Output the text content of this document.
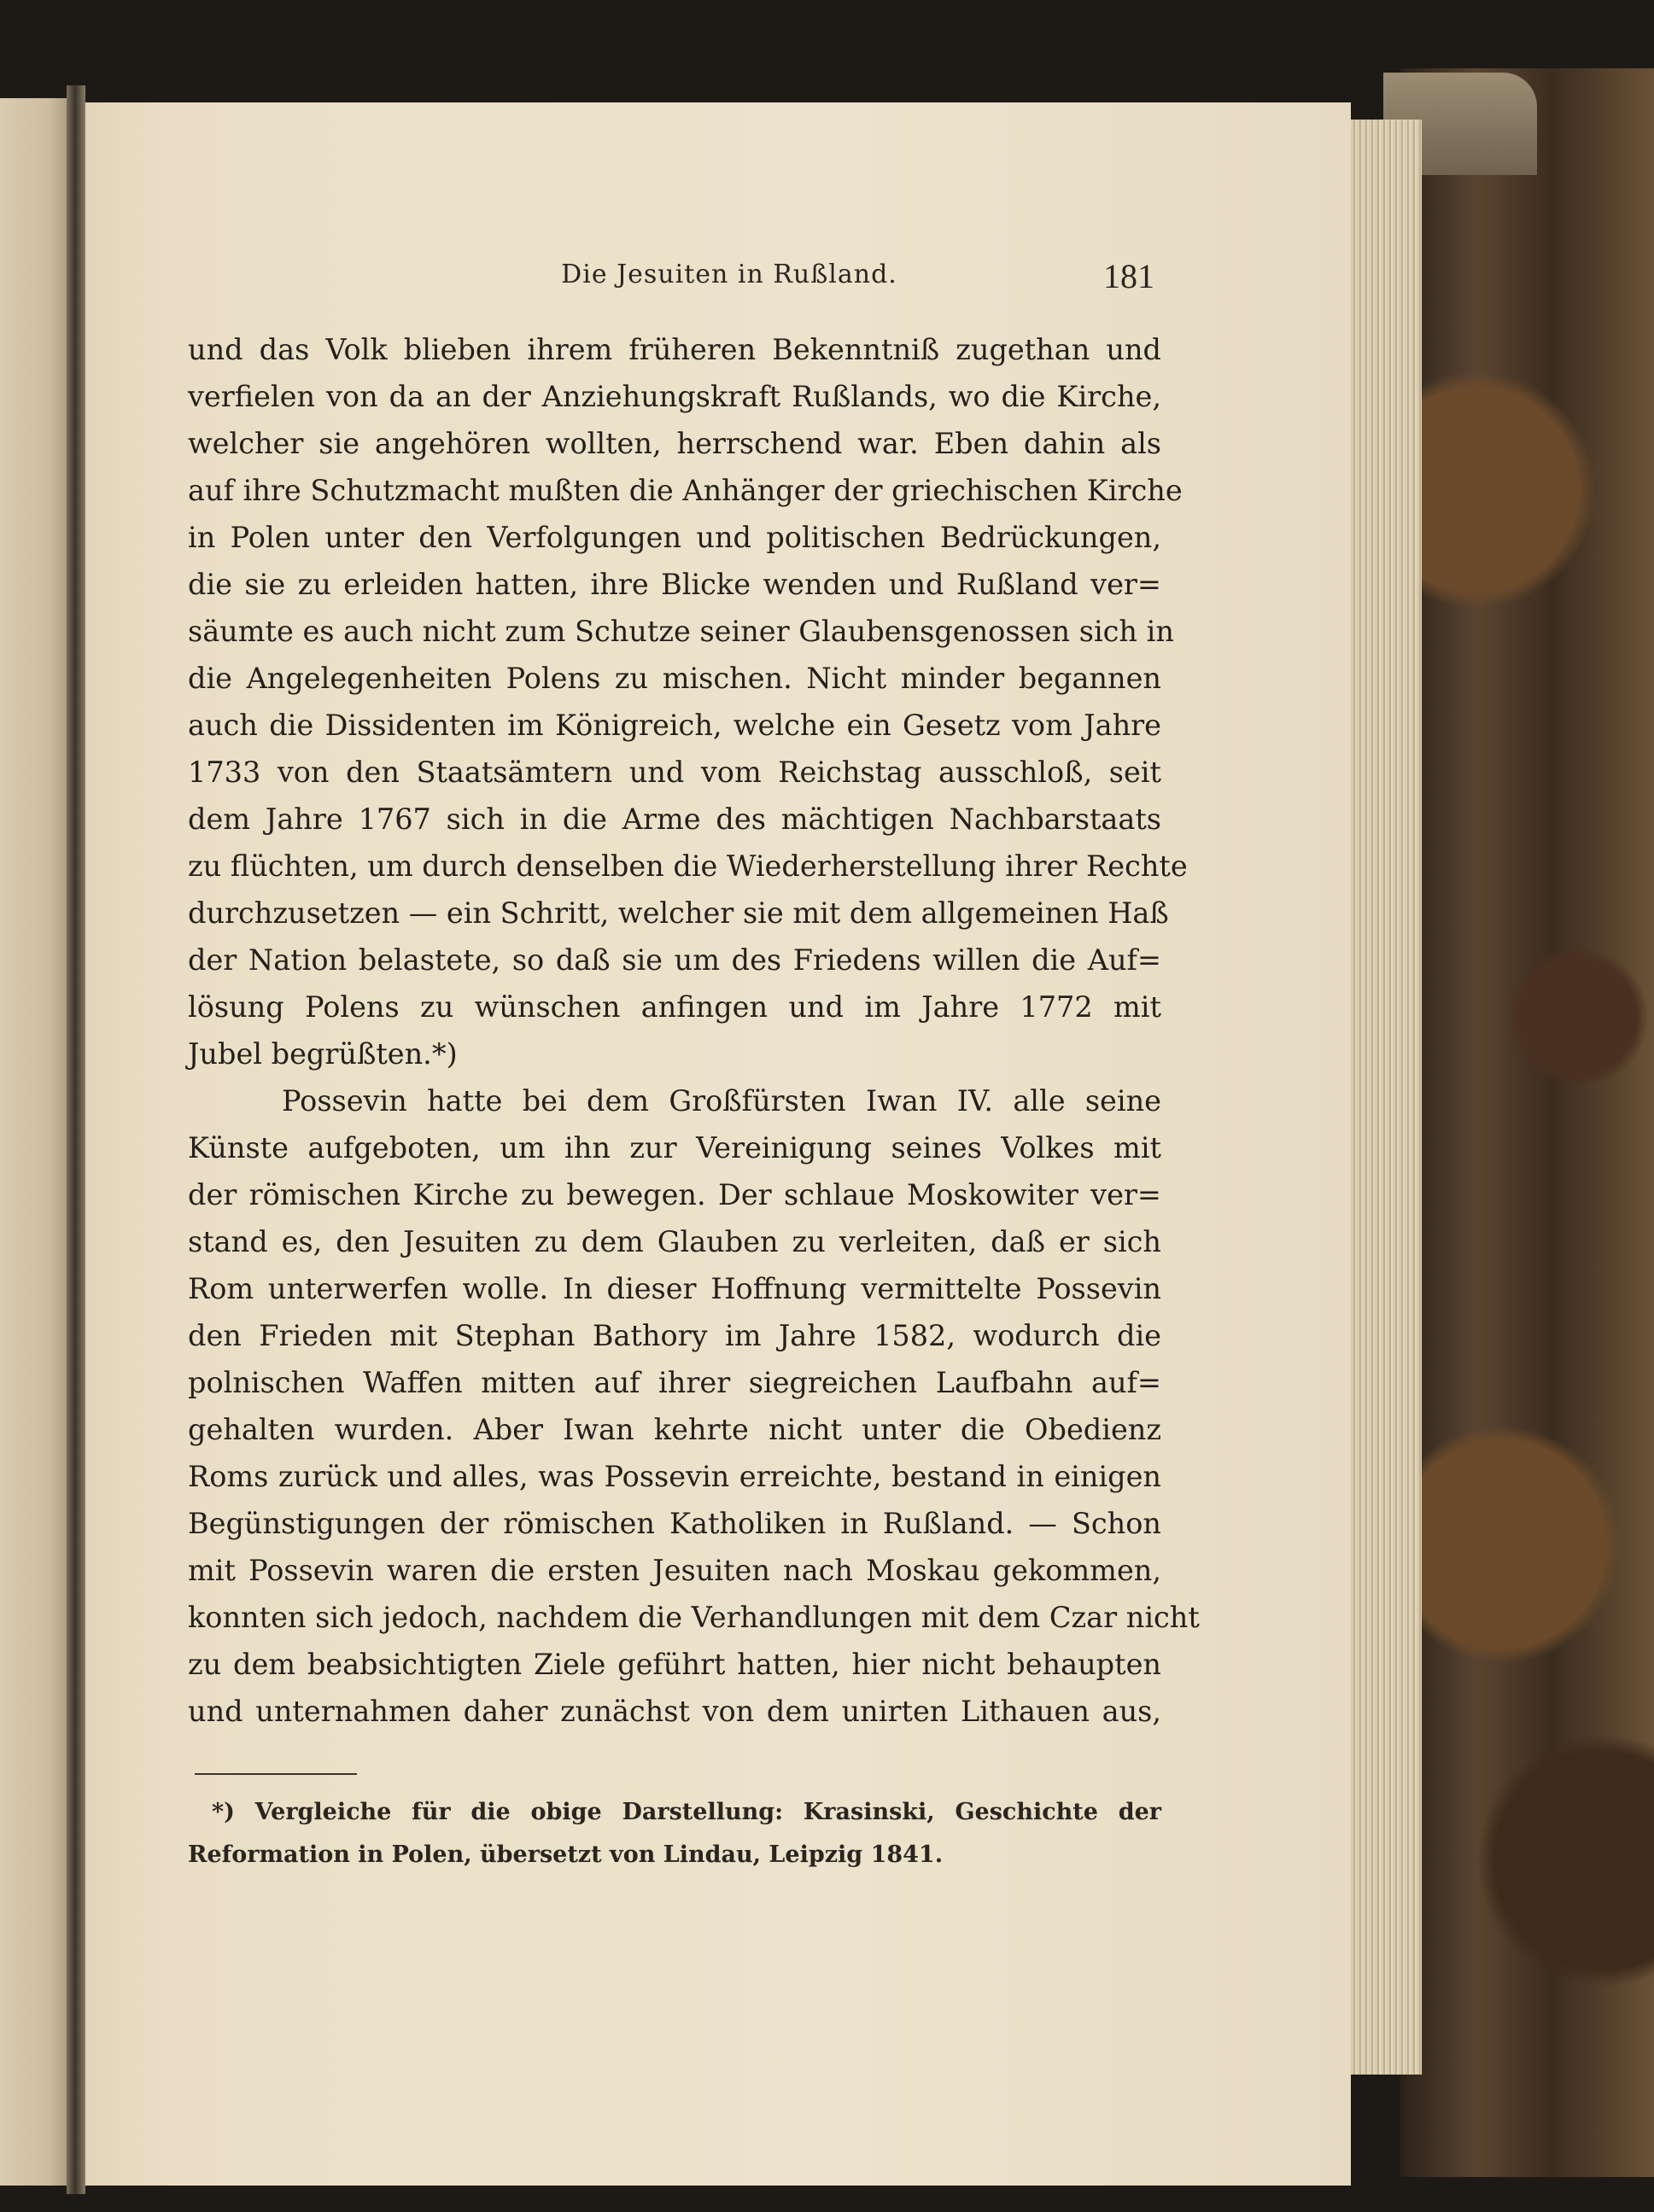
Die Jesuiten in Rußland.	181
und das Volk blieben ihrem früheren Bekenntniß zugethan und
verfielen von da an der Anziehungskraft Rußlands, wo die Kirche,
welcher sie angehören wollten, herrschend war. Eben dahin als
auf ihre Schutzmacht mußten die Anhänger der griechischen Kirche
in Polen unter den Verfolgungen und politischen Bedrückungen,
die sie zu erleiden hatten, ihre Blicke wenden und Rußland ver=
säumte es auch nicht zum Schutze seiner Glaubensgenossen sich in
die Angelegenheiten Polens zu mischen. Nicht minder begannen
auch die Dissidenten im Königreich, welche ein Gesetz vom Jahre
1733 von den Staatsämtern und vom Reichstag ausschloß, seit
dem Jahre 1767 sich in die Arme des mächtigen Nachbarstaats
zu flüchten, um durch denselben die Wiederherstellung ihrer Rechte
durchzusetzen — ein Schritt, welcher sie mit dem allgemeinen Haß
der Nation belastete, so daß sie um des Friedens willen die Auf=
lösung Polens zu wünschen anfingen und im Jahre 1772 mit
Jubel begrüßten.*)
Possevin hatte bei dem Großfürsten Iwan IV. alle seine
Künste aufgeboten, um ihn zur Vereinigung seines Volkes mit
der römischen Kirche zu bewegen. Der schlaue Moskowiter ver=
stand es, den Jesuiten zu dem Glauben zu verleiten, daß er sich
Rom unterwerfen wolle. In dieser Hoffnung vermittelte Possevin
den Frieden mit Stephan Bathory im Jahre 1582, wodurch die
polnischen Waffen mitten auf ihrer siegreichen Laufbahn auf=
gehalten wurden. Aber Iwan kehrte nicht unter die Obedienz
Roms zurück und alles, was Possevin erreichte, bestand in einigen
Begünstigungen der römischen Katholiken in Rußland. — Schon
mit Possevin waren die ersten Jesuiten nach Moskau gekommen,
konnten sich jedoch, nachdem die Verhandlungen mit dem Czar nicht
zu dem beabsichtigten Ziele geführt hatten, hier nicht behaupten
und unternahmen daher zunächst von dem unirten Lithauen aus,
*) Vergleiche für die obige Darstellung: Krasinski, Geschichte der
Reformation in Polen, übersetzt von Lindau, Leipzig 1841.
